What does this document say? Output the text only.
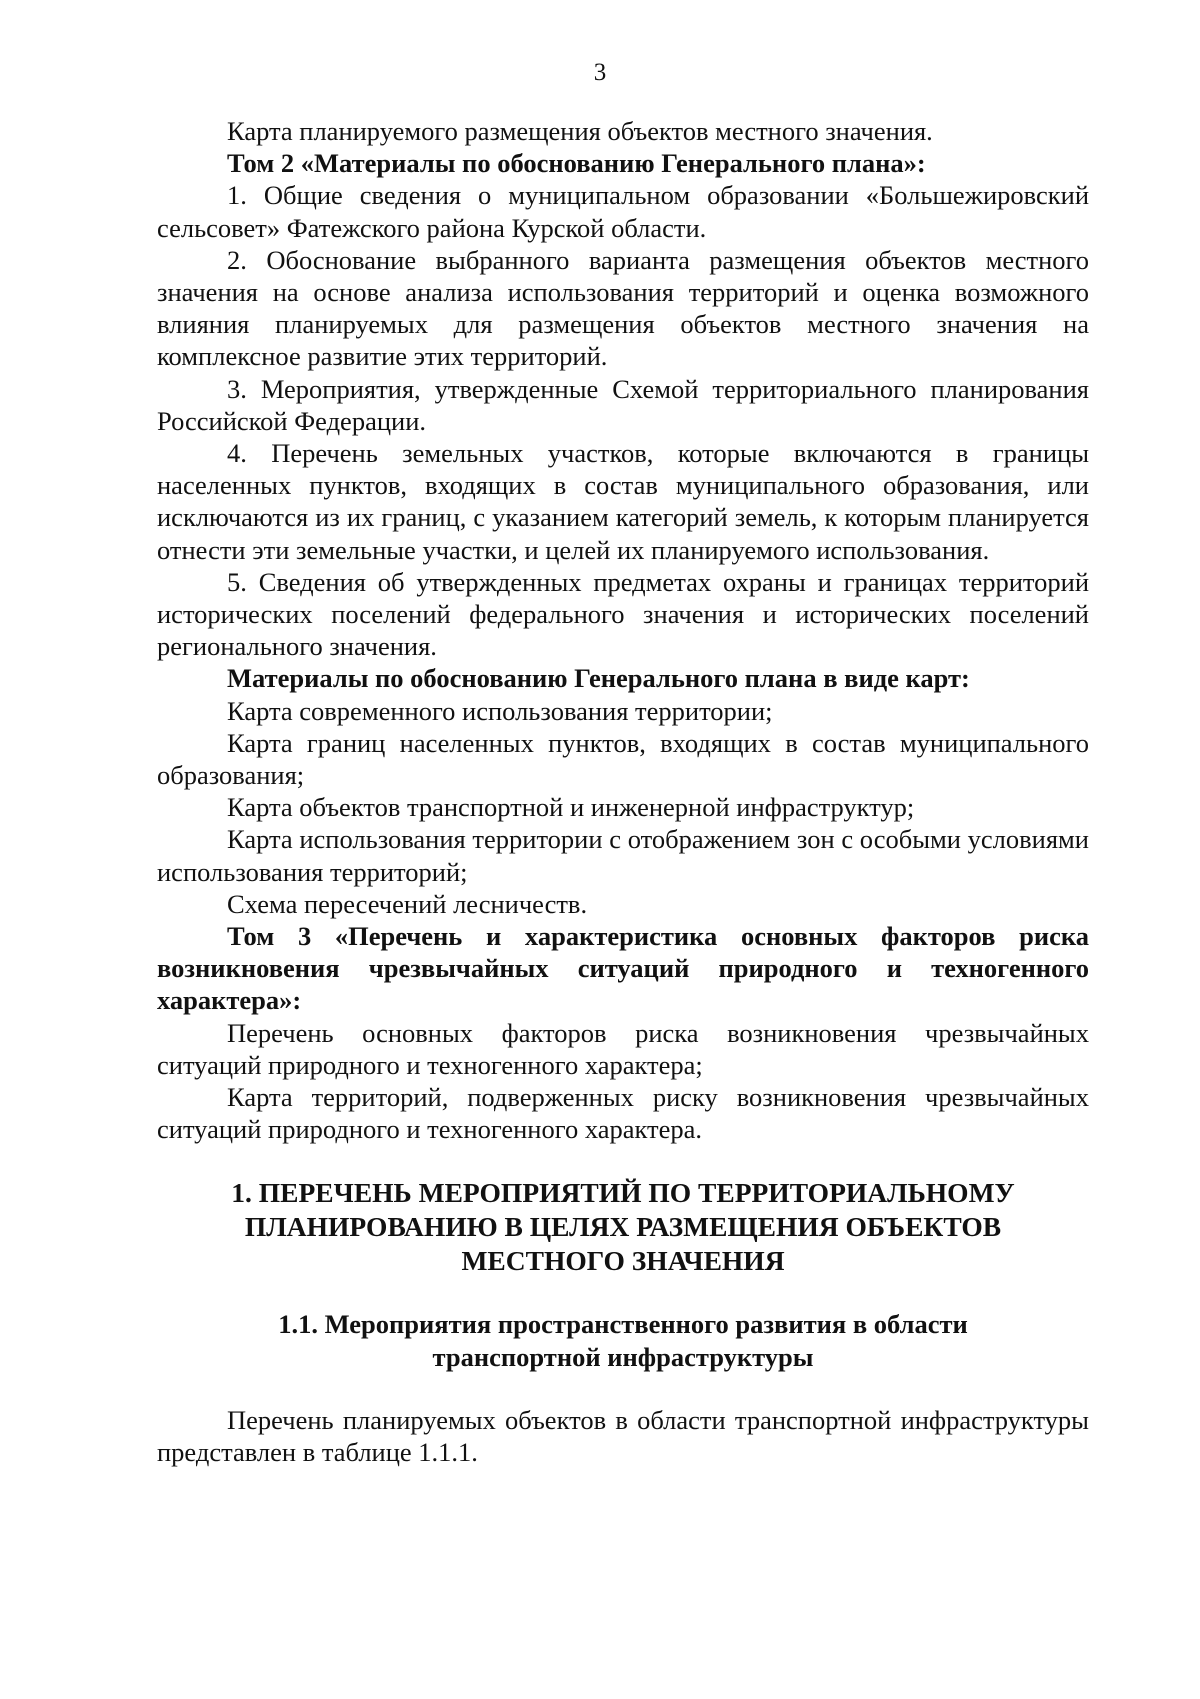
3

Карта планируемого размещения объектов местного значения.

Том 2 «Материалы по обоснованию Генерального плана»:

1. Общие сведения о муниципальном образовании «Большежировский сельсовет» Фатежского района Курской области.

2. Обоснование выбранного варианта размещения объектов местного значения на основе анализа использования территорий и оценка возможного влияния планируемых для размещения объектов местного значения на комплексное развитие этих территорий.

3. Мероприятия, утвержденные Схемой территориального планирования Российской Федерации.

4. Перечень земельных участков, которые включаются в границы населенных пунктов, входящих в состав муниципального образования, или исключаются из их границ, с указанием категорий земель, к которым планируется отнести эти земельные участки, и целей их планируемого использования.

5. Сведения об утвержденных предметах охраны и границах территорий исторических поселений федерального значения и исторических поселений регионального значения.

Материалы по обоснованию Генерального плана в виде карт:

Карта современного использования территории;

Карта границ населенных пунктов, входящих в состав муниципального образования;

Карта объектов транспортной и инженерной инфраструктур;

Карта использования территории с отображением зон с особыми условиями использования территорий;

Схема пересечений лесничеств.

Том 3 «Перечень и характеристика основных факторов риска возникновения чрезвычайных ситуаций природного и техногенного характера»:

Перечень основных факторов риска возникновения чрезвычайных ситуаций природного и техногенного характера;

Карта территорий, подверженных риску возникновения чрезвычайных ситуаций природного и техногенного характера.

1. ПЕРЕЧЕНЬ МЕРОПРИЯТИЙ ПО ТЕРРИТОРИАЛЬНОМУ
ПЛАНИРОВАНИЮ В ЦЕЛЯХ РАЗМЕЩЕНИЯ ОБЪЕКТОВ
МЕСТНОГО ЗНАЧЕНИЯ

1.1. Мероприятия пространственного развития в области
транспортной инфраструктуры

Перечень планируемых объектов в области транспортной инфраструктуры представлен в таблице 1.1.1.
